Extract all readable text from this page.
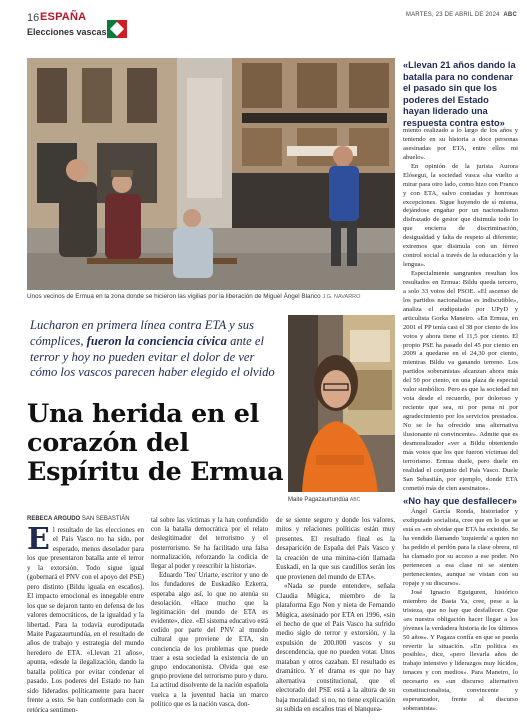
16 ESPAÑA
Elecciones vascas
MARTES, 23 DE ABRIL DE 2024 ABC
Unos vecinos de Ermua en la zona donde se hicieron las vigilias por la liberación de Miguel Ángel Blanco J.G. NAVARRO
«Llevan 21 años dando la batalla para no condenar el pasado sin que los poderes del Estado hayan liderado una respuesta contra esto»

miento realizado a lo largo de los años y teniendo en su historia a doce personas asesinadas por ETA, entre ellos mi abuelo».

En opinión de la jurista Aurora Elósegui, la sociedad vasca «ha vuelto a mirar para otro lado, como hizo con Franco y con ETA, salvo contadas y honrosas excepciones. Sigue huyendo de sí misma, dejándose engañar por un nacionalismo disfrazado de gestor que disimula todo lo que encierra de discriminación, desigualdad y falta de respeto al diferente; extremos que disimula con un férreo control social a través de la educación y la lengua».

Especialmente sangrantes resultan los resultados en Ermua: Bildu queda tercero, a solo 33 votos del PSOE. «El ascenso de los partidos nacionalistas es indiscutible», analiza el eudiputado por UPyD y articulista Gorka Maneiro. «En Ermua, en 2001 el PP tenía casi el 38 por ciento de los votos y ahora tiene el 11,5 por ciento. El propio PSE ha pasado del 45 por ciento en 2009 a quedarse en el 24,30 por ciento, mientras Bildu va ganando terreno. Los partidos soberanistas alcanzan ahora más del 50 por ciento, en una plaza de especial valor simbólico. Pero es que la sociedad no vota desde el recuerdo, por doloroso y reciente que sea, ni por pena ni por agradecimiento por los servicios prestados. No se le ha ofrecido una alternativa ilusionante ni convincente». Admite que es desmoralizador «ver a Bildu obteniendo más votos que los que fueron víctimas del terrorismo. Ermua duele, pero duele en realidad el conjunto del País Vasco. Duele San Sebastián, por ejemplo, donde ETA cometió más de cien asesinatos».

«No hay que desfallecer»

Ángel García Ronda, historiador y exdiputado socialista, cree que en lo que se está es «en olvidar que ETA ha existido. Se ha vendido llamando 'izquierda' a quien no ha pedido el perdón para la clase obrera, ni ha clamado por su acceso a ese poder. No pertenecen a esa clase ni se sienten pertenecientes, aunque se vistan con su ropaje y su discurso».

José Ignacio Eguiguren, histórico miembro de Basta Ya, cree, pese a la tristeza, que no hay que desfallecer. Que «es nuestra obligación hacer llegar a los jóvenes la verdadera historia de los últimos 50 años». Y Pagaza confía en que se pueda revertir la situación. «En política es posible», dice, «pero llevarla años de trabajo intensivo y liderazgos muy lúcidos, tenaces y con medios». Para Maneiro, lo necesario es «un discurso alternativo constitucionalista, convincente y esperanzador, frente al discurso soberanista».

Lucharon en primera línea contra ETA y sus cómplices, fueron la conciencia cívica ante el terror y hoy no pueden evitar el dolor de ver cómo los vascos parecen haber elegido el olvido
Una herida en el corazón del Espíritu de Ermua
Maite Pagazaurtundúa ABC
REBECA ARGUDO SAN SEBASTIÁN

El resultado de las elecciones en el País Vasco no ha sido, por esperado, menos desolador para los que presentaron batalla ante el terror y la extorsión. Todo sigue igual (gobernará el PNV con el apoyo del PSE) pero distinto (Bildu iguala en escaños). El impacto emocional es innegable entre los que se dejaron tanto en defensa de los valores democráticos, de la igualdad y la libertad. Para la todavía eurodiputada Maite Pagazaurtundúa, en el resultado de años de trabajo y estrategia del mundo heredero de ETA. «Llevan 21 años», apunta, «desde la ilegalización, dando la batalla política por evitar condenar el pasado. Los poderes del Estado no han sido liderados políticamente para hacer frente a esto. Se han conformado con la retórica sentimen-

tal sobre las víctimas y la han confundido con la batalla democrática por el relato deslegitimador del terrorismo y el posterrorismo. Se ha facilitado una falsa normalización, reforzando la codicia de llegar al poder y reescribir la historia».

Eduardo 'Teo' Uriarte, escritor y uno de los fundadores de Euskadiko Ezkerra, esperaba algo así, lo que no atenúa su desolación. «Hace mucho que la legitimación del mundo de ETA es evidente», dice. «El sistema educativo está cedido por parte del PNV al mundo cultural que proviene de ETA, sin conciencia de los problemas que puede traer a esta sociedad la existencia de un grupo endocanonista. Olvida que ese grupo proviene del terrorismo puro y duro. La actitud disolvente de la nación española vuelca a la juventud hacia un marco político que es la nación vasca, don-

de se siente seguro y donde los valores, mitos y relaciones políticas están muy presentes. El resultado final es la desaparición de España del País Vasco y la creación de una minina-ción llamada Euskadi, en la que sus caudillos serán los que provienen del mundo de ETA».

«Nada se puede entender», señala Claudia Múgica, miembro de la plataforma Ego Non y nieta de Fernando Múgica, asesinado por ETA en 1996, «sin el hecho de que el País Vasco ha sufrido medio siglo de terror y extorsión, y la expulsión de 200.000 vascos y su descendencia, que no pueden votar. Unos mataban y otros cazaban. El resultado es dramático. Y el drama es que no hay alternativa constitucional, que el electorado del PSE está a la altura de su baja moralidad: si no, no tiene explicación su subida en escaños tras el blanquea-
